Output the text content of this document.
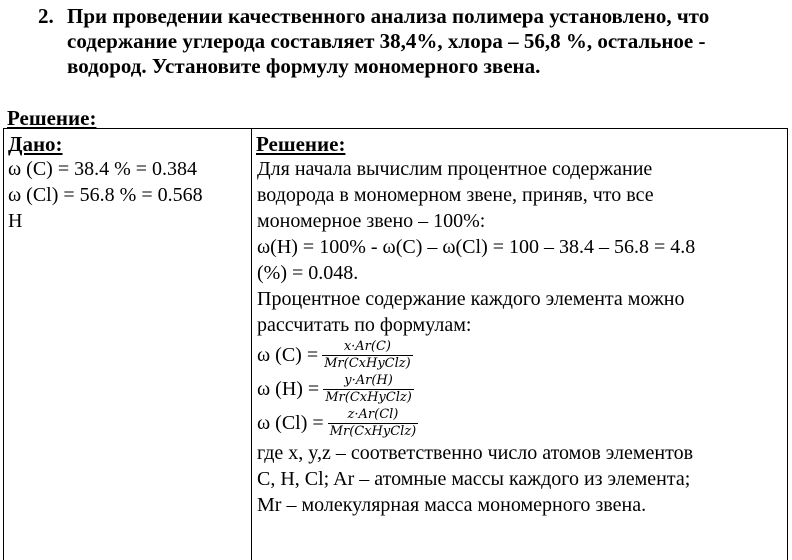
2. При проведении качественного анализа полимера установлено, что
содержание углерода составляет 38,4%, хлора – 56,8 %, остальное -
водород. Установите формулу мономерного звена.
Решение:
Дано:
ω (C) = 38.4 % = 0.384
ω (Cl) = 56.8 % = 0.568
H
Решение:
Для начала вычислим процентное содержание
водорода в мономерном звене, приняв, что все
мономерное звено – 100%:
ω(H) = 100% - ω(C) – ω(Cl) = 100 – 38.4 – 56.8 = 4.8
(%) = 0.048.
Процентное содержание каждого элемента можно
рассчитать по формулам:
ω $(C) = \frac{x\cdot Ar(C)}{\text{Mr(CxHyClz)}}$
ω $(H) = \frac{y\cdot Ar(H)}{\text{Mr(CxHyClz)}}$
ω $(Cl) = \frac{z\cdot Ar(Cl)}{\text{Mr(CxHyClz)}}$
где x, y,z – соответственно число атомов элементов
C, H, Cl; Ar – атомные массы каждого из элемента;
Mr – молекулярная масса мономерного звена.
